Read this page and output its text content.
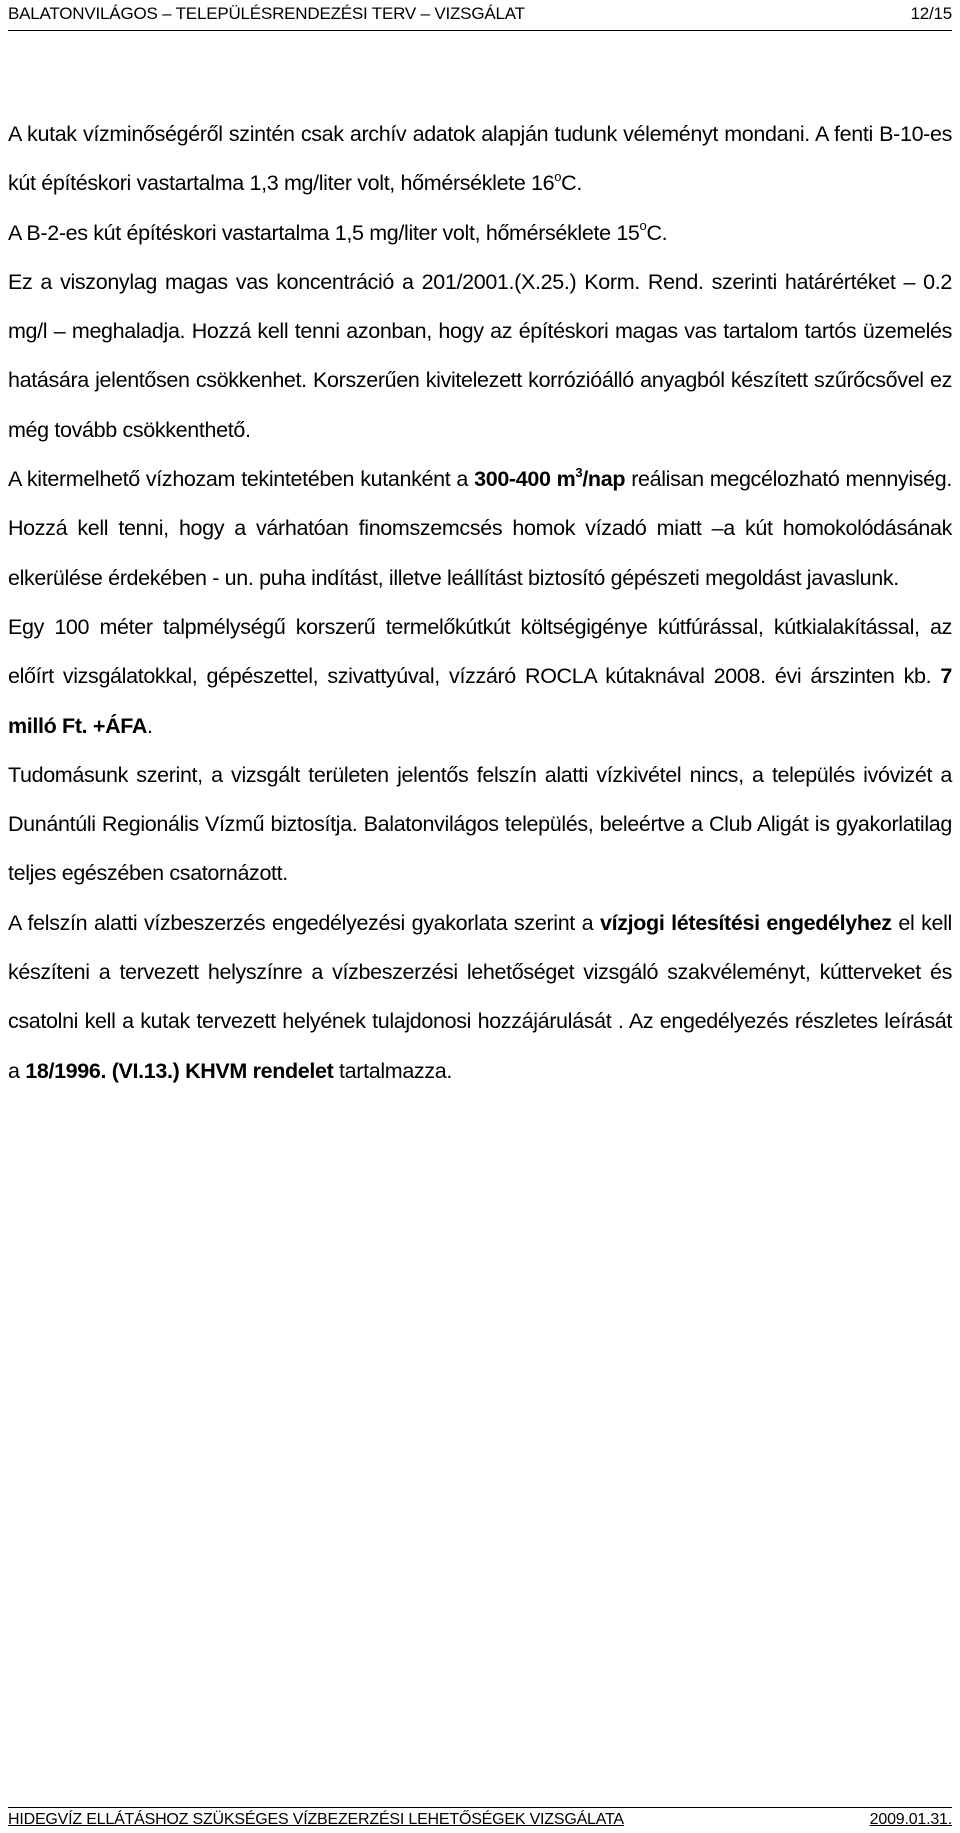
BALATONVILÁGOS – TELEPÜLÉSRENDEZÉSI TERV – VIZSGÁLAT	12/15

A kutak vízminőségéről szintén csak archív adatok alapján tudunk véleményt mondani. A fenti B-10-es kút építéskori vastartalma 1,3 mg/liter volt, hőmérséklete 16$^o$C.

A B-2-es kút építéskori vastartalma 1,5 mg/liter volt, hőmérséklete 15$^o$C.

Ez a viszonylag magas vas koncentráció a 201/2001.(X.25.) Korm. Rend. szerinti határértéket – 0.2 mg/l – meghaladja. Hozzá kell tenni azonban, hogy az építéskori magas vas tartalom tartós üzemelés hatására jelentősen csökkenhet. Korszerűen kivitelezett korrózióálló anyagból készített szűrőcsővel ez még tovább csökkenthető.

A kitermelhető vízhozam tekintetében kutanként a 300-400 $m^3$/nap reálisan megcélozható mennyiség. Hozzá kell tenni, hogy a várhatóan finomszemcsés homok vízadó miatt –a kút homokolódásának elkerülése érdekében - un. puha indítást, illetve leállítást biztosító gépészeti megoldást javaslunk.

Egy 100 méter talpmélységű korszerű termelőkútkút költségigénye kútfúrással, kútkialakítással, az előírt vizsgálatokkal, gépészettel, szivattyúval, vízzáró ROCLA kútaknával 2008. évi árszinten kb. 7 milló Ft. +ÁFA.

Tudomásunk szerint, a vizsgált területen jelentős felszín alatti vízkivétel nincs, a település ivóvizét a Dunántúli Regionális Vízmű biztosítja. Balatonvilágos település, beleértve a Club Aligát is gyakorlatilag teljes egészében csatornázott.

A felszín alatti vízbeszerzés engedélyezési gyakorlata szerint a vízjogi létesítési engedélyhez el kell készíteni a tervezett helyszínre a vízbeszerzési lehetőséget vizsgáló szakvéleményt, kútterveket és csatolni kell a kutak tervezett helyének tulajdonosi hozzájárulását . Az engedélyezés részletes leírását a 18/1996. (VI.13.) KHVM rendelet tartalmazza.

HIDEGVÍZ ELLÁTÁSHOZ SZÜKSÉGES VÍZBEZERZÉSI LEHETŐSÉGEK VIZSGÁLATA	2009.01.31.
